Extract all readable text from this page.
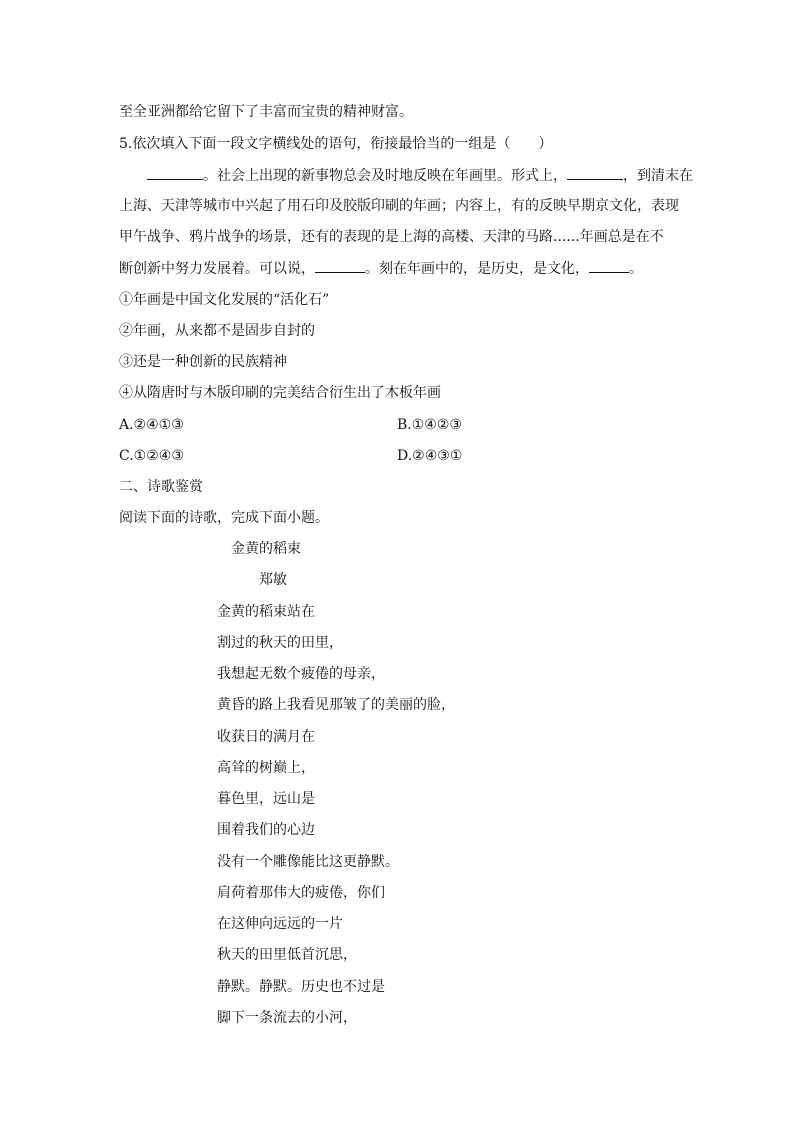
至全亚洲都给它留下了丰富而宝贵的精神财富。
5.依次填入下面一段文字横线处的语句，衔接最恰当的一组是（　　）
。社会上出现的新事物总会及时地反映在年画里。形式上，	，到清末在
上海、天津等城市中兴起了用石印及胶版印刷的年画；内容上，有的反映早期京文化，表现
甲午战争、鸦片战争的场景，还有的表现的是上海的高楼、天津的马路......年画总是在不
断创新中努力发展着。可以说，	。刻在年画中的，是历史，是文化，	。
①年画是中国文化发展的“活化石”
②年画，从来都不是固步自封的
③还是一种创新的民族精神
④从隋唐时与木版印刷的完美结合衍生出了木板年画
A.②④①③	B.①④②③
C.①②④③	D.②④③①
二、诗歌鉴赏
阅读下面的诗歌，完成下面小题。
金黄的稻束
郑敏
金黄的稻束站在
割过的秋天的田里，
我想起无数个疲倦的母亲，
黄昏的路上我看见那皱了的美丽的脸，
收获日的满月在
高耸的树巅上，
暮色里，远山是
围着我们的心边
没有一个雕像能比这更静默。
肩荷着那伟大的疲倦，你们
在这伸向远远的一片
秋天的田里低首沉思，
静默。静默。历史也不过是
脚下一条流去的小河，
